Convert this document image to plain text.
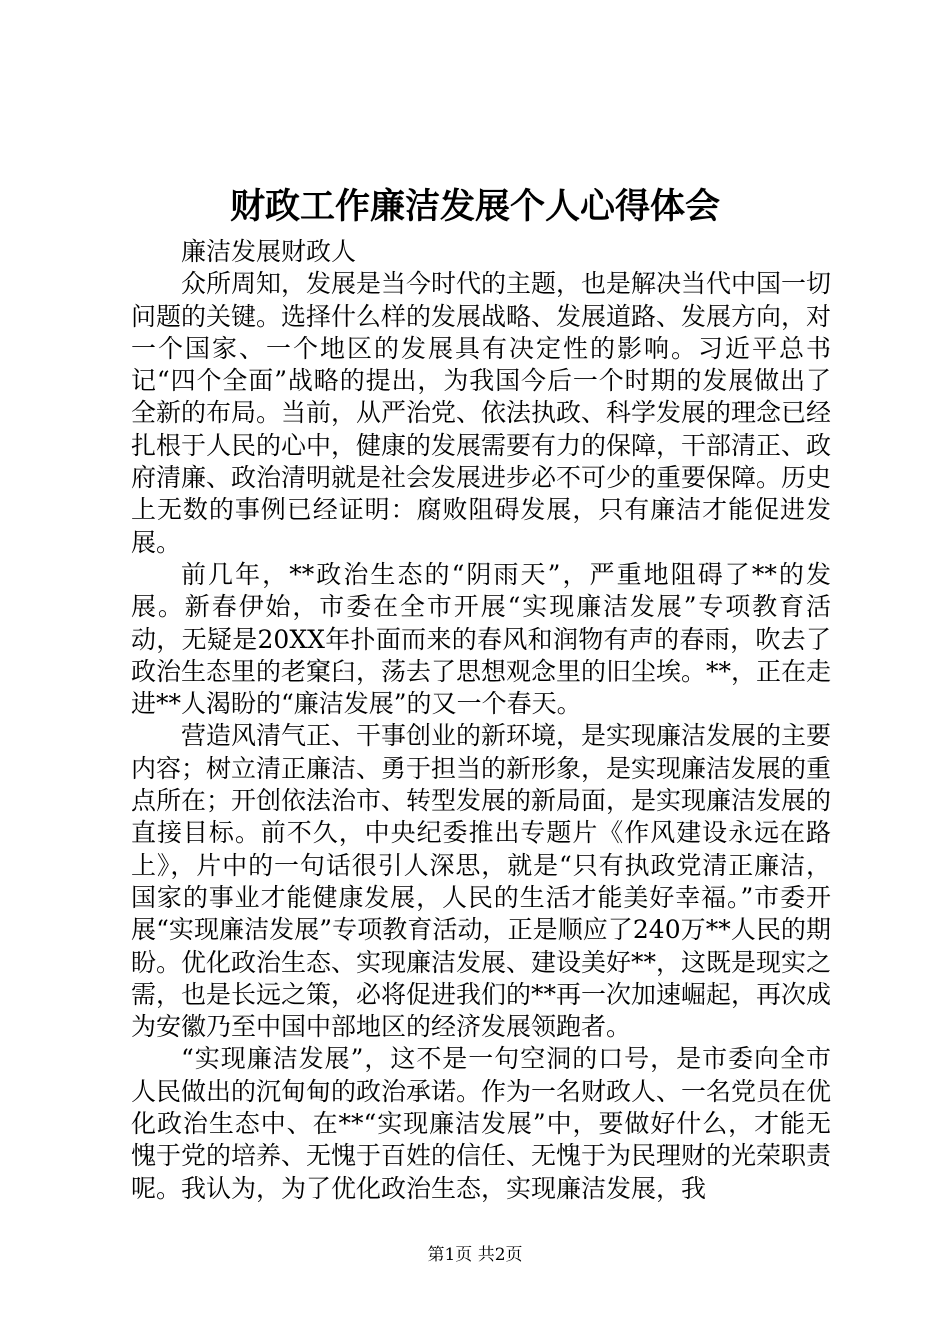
财政工作廉洁发展个人心得体会

廉洁发展财政人

众所周知，发展是当今时代的主题，也是解决当代中国一切问题的关键。选择什么样的发展战略、发展道路、发展方向，对一个国家、一个地区的发展具有决定性的影响。习近平总书记“四个全面”战略的提出，为我国今后一个时期的发展做出了全新的布局。当前，从严治党、依法执政、科学发展的理念已经扎根于人民的心中，健康的发展需要有力的保障，干部清正、政府清廉、政治清明就是社会发展进步必不可少的重要保障。历史上无数的事例已经证明：腐败阻碍发展，只有廉洁才能促进发展。

前几年，**政治生态的“阴雨天”，严重地阻碍了**的发展。新春伊始，市委在全市开展“实现廉洁发展”专项教育活动，无疑是20XX年扑面而来的春风和润物有声的春雨，吹去了政治生态里的老窠臼，荡去了思想观念里的旧尘埃。**，正在走进**人渴盼的“廉洁发展”的又一个春天。

营造风清气正、干事创业的新环境，是实现廉洁发展的主要内容；树立清正廉洁、勇于担当的新形象，是实现廉洁发展的重点所在；开创依法治市、转型发展的新局面，是实现廉洁发展的直接目标。前不久，中央纪委推出专题片《作风建设永远在路上》，片中的一句话很引人深思，就是“只有执政党清正廉洁，国家的事业才能健康发展，人民的生活才能美好幸福。”市委开展“实现廉洁发展”专项教育活动，正是顺应了240万**人民的期盼。优化政治生态、实现廉洁发展、建设美好**，这既是现实之需，也是长远之策，必将促进我们的**再一次加速崛起，再次成为安徽乃至中国中部地区的经济发展领跑者。

“实现廉洁发展”，这不是一句空洞的口号，是市委向全市人民做出的沉甸甸的政治承诺。作为一名财政人、一名党员在优化政治生态中、在**“实现廉洁发展”中，要做好什么，才能无愧于党的培养、无愧于百姓的信任、无愧于为民理财的光荣职责呢。我认为，为了优化政治生态，实现廉洁发展，我

第1页 共2页
